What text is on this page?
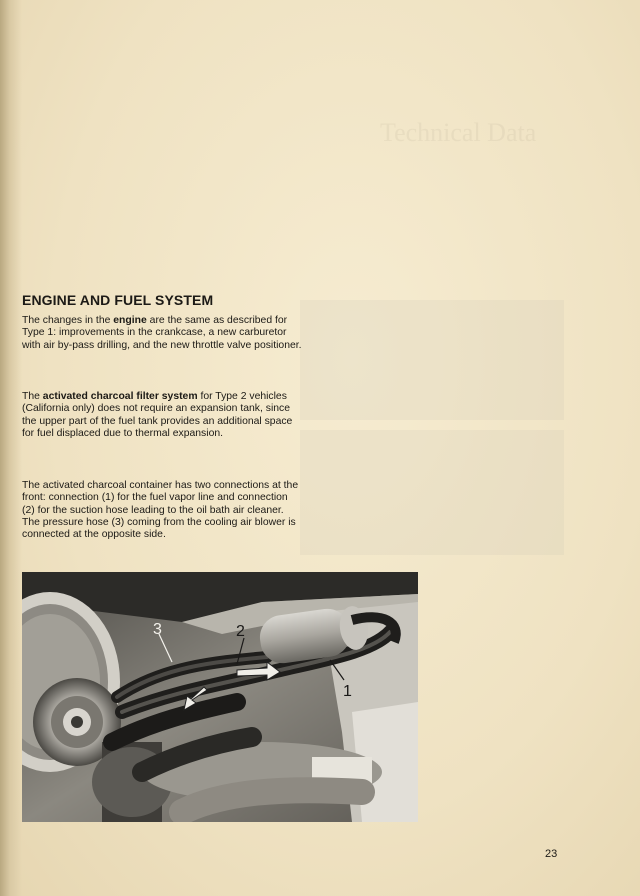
Technical Data
ENGINE AND FUEL SYSTEM

The changes in the engine are the same as described for Type 1: improvements in the crankcase, a new carburetor with air by-pass drilling, and the new throttle valve positioner.

The activated charcoal filter system for Type 2 vehicles (California only) does not require an expansion tank, since the upper part of the fuel tank provides an additional space for fuel displaced due to thermal expansion.

The activated charcoal container has two connections at the front: connection (1) for the fuel vapor line and connection (2) for the suction hose leading to the oil bath air cleaner. The pressure hose (3) coming from the cooling air blower is connected at the opposite side.

3	2
1

23
